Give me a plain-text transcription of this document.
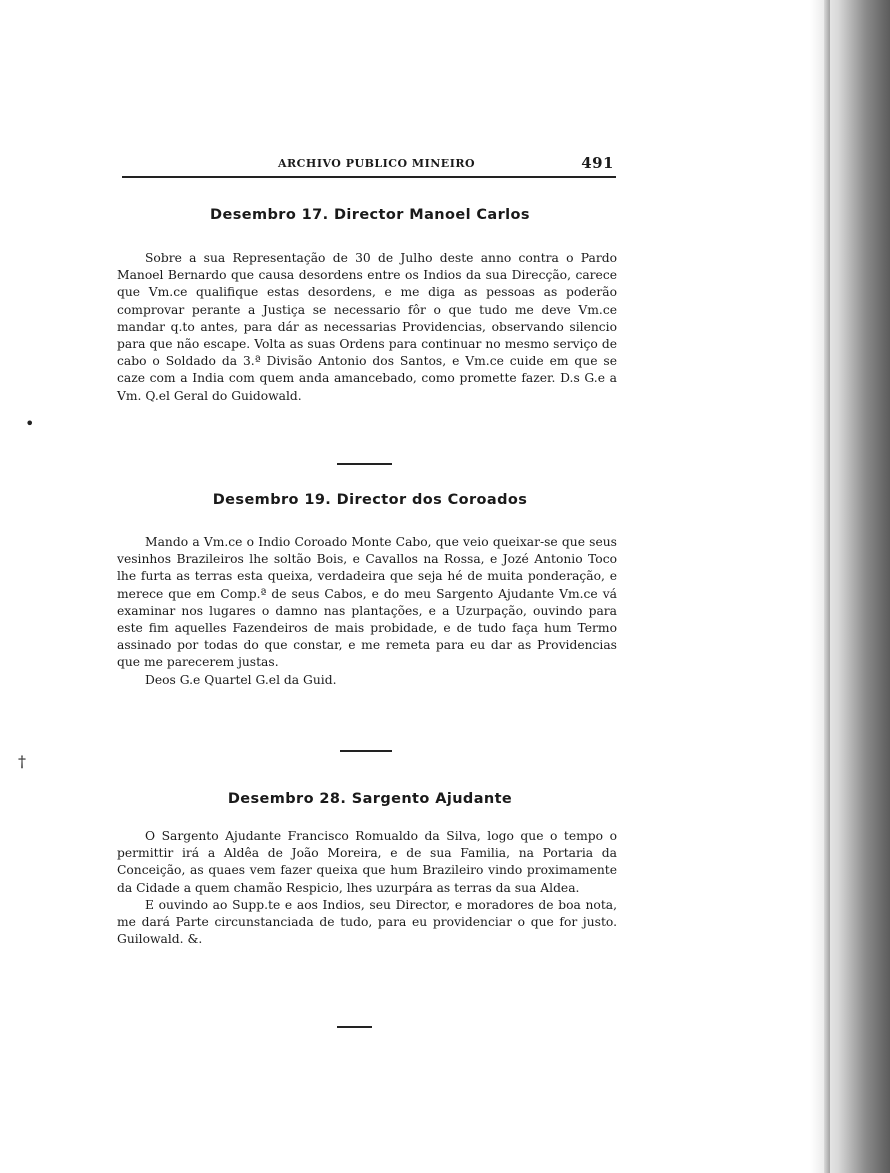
ARCHIVO PUBLICO MINEIRO	491
Desembro 17. Director Manoel Carlos

Sobre a sua Representação de 30 de Julho deste anno contra o Pardo Manoel Bernardo que causa desordens entre os Indios da sua Direcção, carece que Vm.ce qualifique estas desordens, e me diga as pessoas as poderão comprovar perante a Justiça se necessario fôr o que tudo me deve Vm.ce mandar q.to antes, para dár as necessarias Providencias, observando silencio para que não escape. Volta as suas Ordens para continuar no mesmo serviço de cabo o Soldado da 3.ª Divisão Antonio dos Santos, e Vm.ce cuide em que se caze com a India com quem anda amancebado, como promette fazer. D.s G.e a Vm. Q.el Geral do Guidowald.

Desembro 19. Director dos Coroados

Mando a Vm.ce o Indio Coroado Monte Cabo, que veio queixar-se que seus vesinhos Brazileiros lhe soltão Bois, e Cavallos na Rossa, e Jozé Antonio Toco lhe furta as terras esta queixa, verdadeira que seja hé de muita ponderação, e merece que em Comp.ª de seus Cabos, e do meu Sargento Ajudante Vm.ce vá examinar nos lugares o damno nas plantações, e a Uzurpação, ouvindo para este fim aquelles Fazendeiros de mais probidade, e de tudo faça hum Termo assinado por todas do que constar, e me remeta para eu dar as Providencias que me parecerem justas.

Deos G.e Quartel G.el da Guid.

Desembro 28. Sargento Ajudante

O Sargento Ajudante Francisco Romualdo da Silva, logo que o tempo o permittir irá a Aldêa de João Moreira, e de sua Familia, na Portaria da Conceição, as quaes vem fazer queixa que hum Brazileiro vindo proximamente da Cidade a quem chamão Respicio, lhes uzurpára as terras da sua Aldea.

E ouvindo ao Supp.te e aos Indios, seu Director, e moradores de boa nota, me dará Parte circunstanciada de tudo, para eu providenciar o que for justo. Guilowald. &.

•
†
